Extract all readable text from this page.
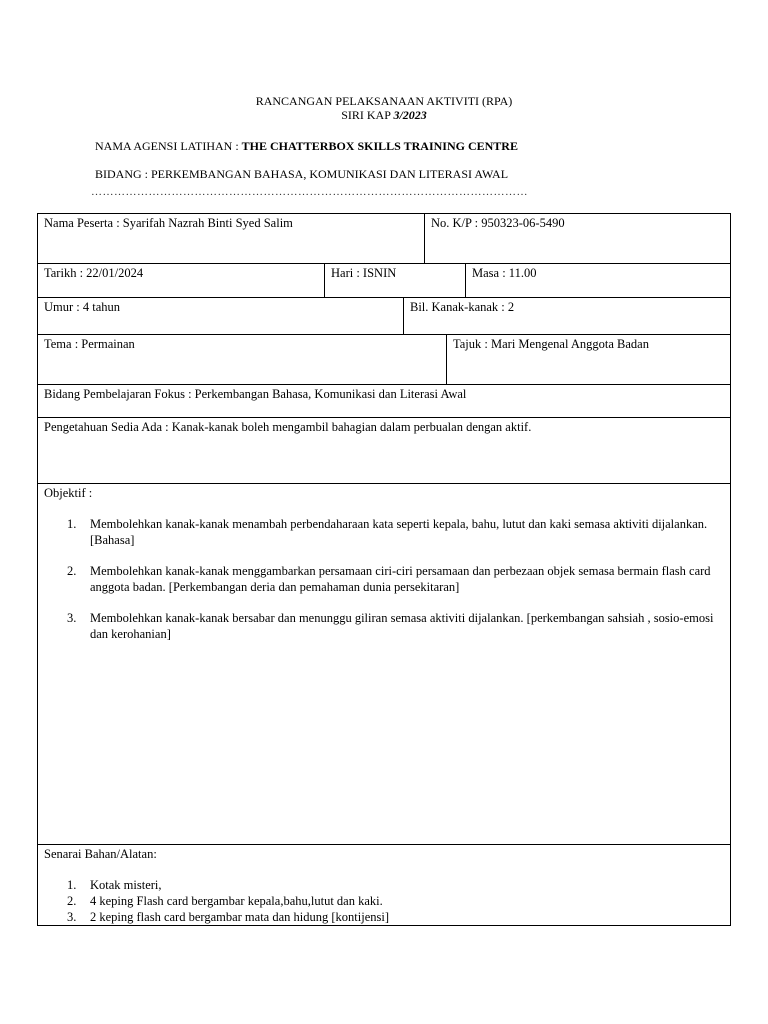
RANCANGAN PELAKSANAAN AKTIVITI (RPA)
SIRI KAP 3/2023
NAMA AGENSI LATIHAN : THE CHATTERBOX SKILLS TRAINING CENTRE
BIDANG : PERKEMBANGAN BAHASA, KOMUNIKASI DAN LITERASI AWAL
……………………………………………………………………………………………………
Nama Peserta : Syarifah Nazrah Binti Syed Salim	No. K/P : 950323-06-5490
Tarikh : 22/01/2024	Hari : ISNIN	Masa : 11.00
Umur : 4 tahun	Bil. Kanak-kanak : 2
Tema : Permainan	Tajuk : Mari Mengenal Anggota Badan
Bidang Pembelajaran Fokus : Perkembangan Bahasa, Komunikasi dan Literasi Awal
Pengetahuan Sedia Ada : Kanak-kanak boleh mengambil bahagian dalam perbualan dengan aktif.
Objektif :
1. Membolehkan kanak-kanak menambah perbendaharaan kata seperti kepala, bahu, lutut dan kaki semasa aktiviti dijalankan. [Bahasa]
2. Membolehkan kanak-kanak menggambarkan persamaan ciri-ciri persamaan dan perbezaan objek semasa bermain flash card anggota badan. [Perkembangan deria dan pemahaman dunia persekitaran]
3. Membolehkan kanak-kanak bersabar dan menunggu giliran semasa aktiviti dijalankan. [perkembangan sahsiah , sosio-emosi dan kerohanian]
Senarai Bahan/Alatan:
1. Kotak misteri,
2. 4 keping Flash card bergambar kepala,bahu,lutut dan kaki.
3. 2 keping flash card bergambar mata dan hidung [kontijensi]
